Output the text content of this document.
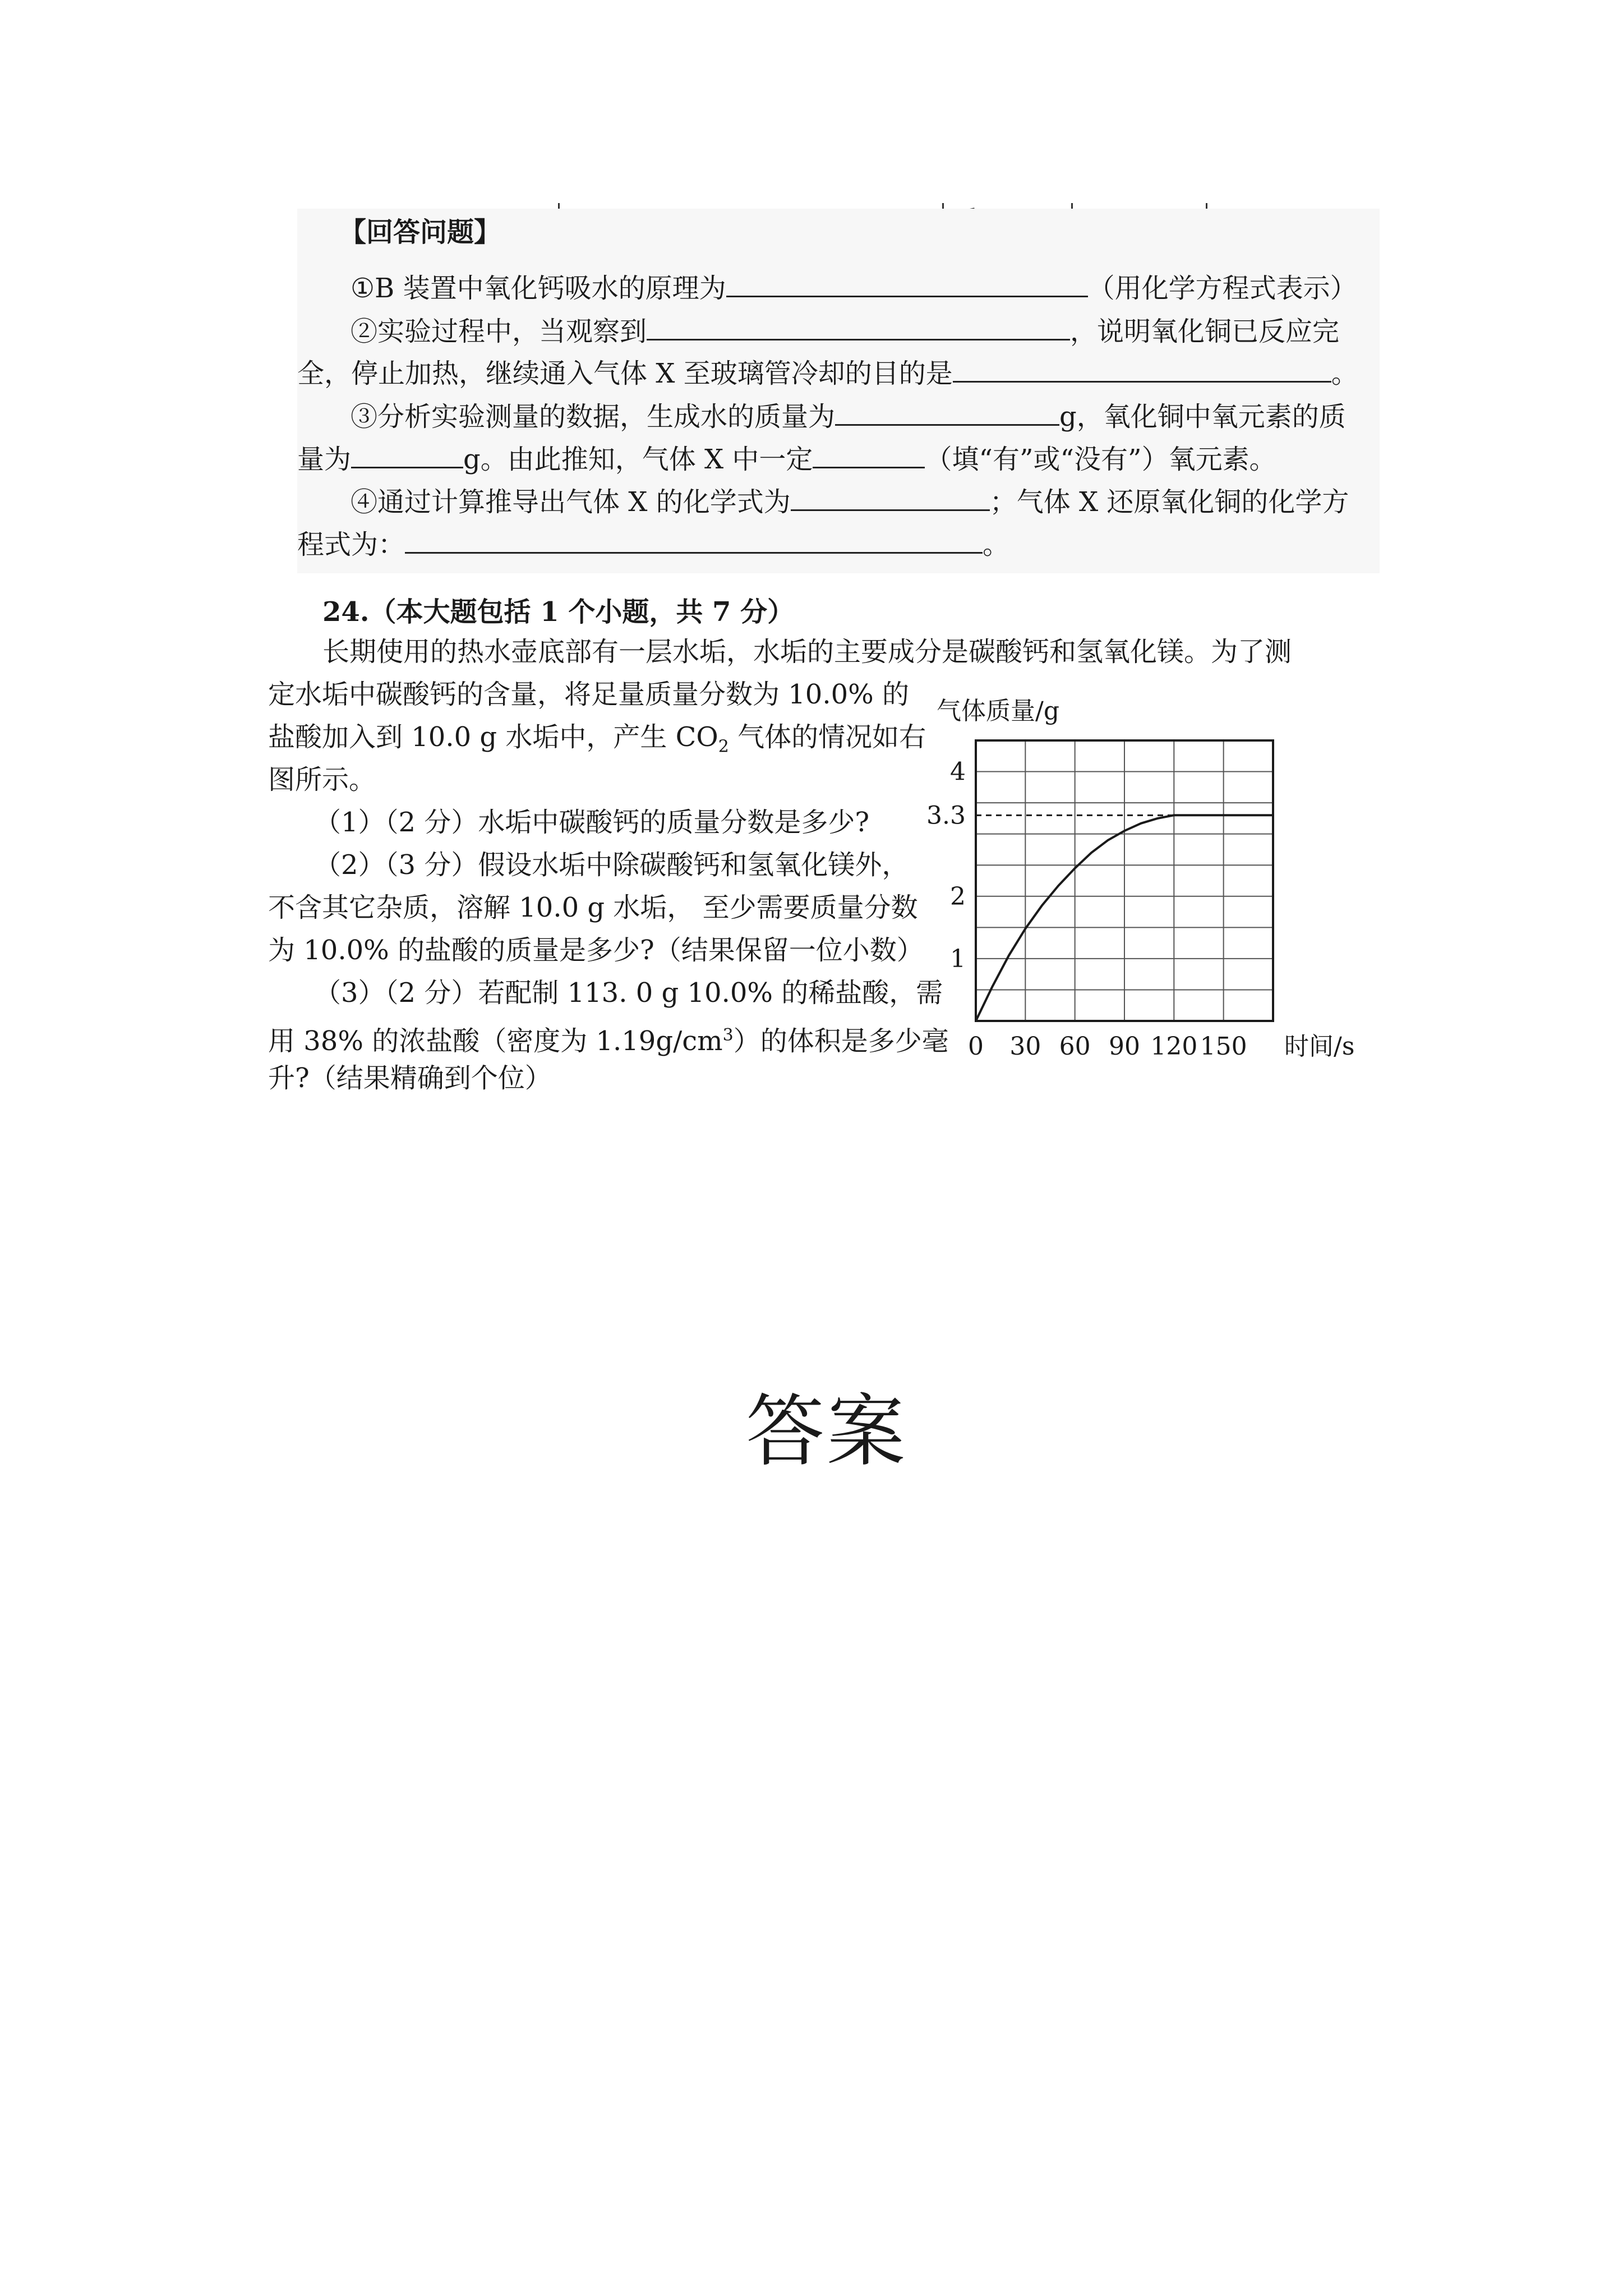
【回答问题】
①B 装置中氧化钙吸水的原理为	（用化学方程式表示）
②实验过程中，当观察到	，说明氧化铜已反应完
全，停止加热，继续通入气体 X 至玻璃管冷却的目的是	。
③分析实验测量的数据，生成水的质量为	g，氧化铜中氧元素的质
量为	g。由此推知，气体 X 中一定	（填“有”或“没有”）氧元素。
④通过计算推导出气体 X 的化学式为	；气体 X 还原氧化铜的化学方
程式为：	。
24.（本大题包括 1 个小题，共 7 分）
长期使用的热水壶底部有一层水垢，水垢的主要成分是碳酸钙和氢氧化镁。为了测
定水垢中碳酸钙的含量，将足量质量分数为 10.0% 的
盐酸加入到 10.0 g 水垢中，产生 $CO_2$ 气体的情况如右
图所示。
（1）（2 分）水垢中碳酸钙的质量分数是多少?
（2）（3 分）假设水垢中除碳酸钙和氢氧化镁外，
不含其它杂质，溶解 10.0 g 水垢， 至少需要质量分数
为 10.0% 的盐酸的质量是多少?（结果保留一位小数）
（3）（2 分）若配制 113. 0 g 10.0% 的稀盐酸，需
用 38% 的浓盐酸（密度为 $1.19g/cm^3$）的体积是多少毫
升?（结果精确到个位）
1
2
3.3
4
0 30 60 90 120 150
气体质量/g
时间/s
答案
